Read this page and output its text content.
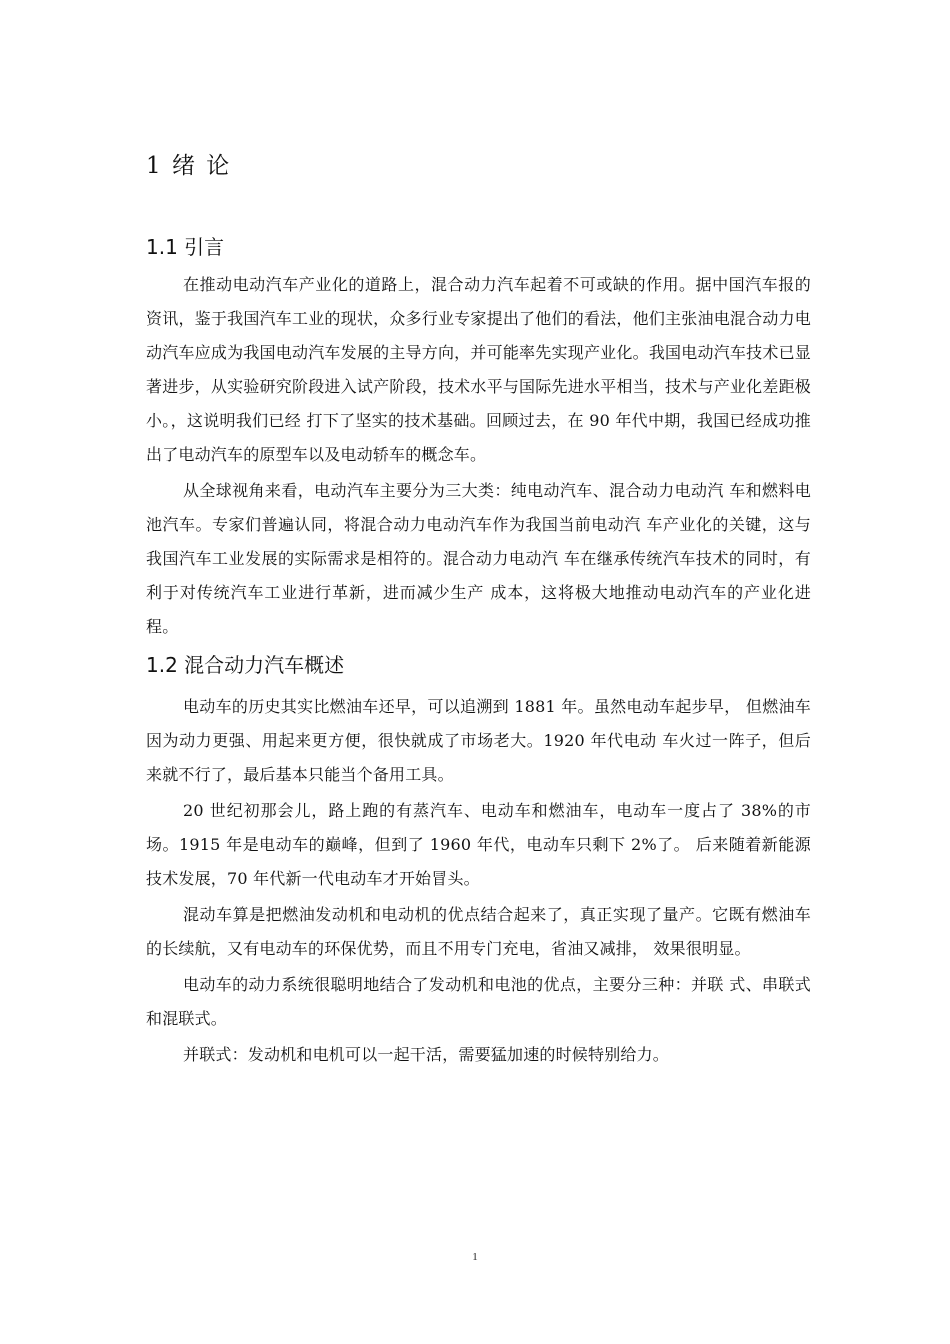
1 绪 论
1.1 引言

在推动电动汽车产业化的道路上，混合动力汽车起着不可或缺的作用。据中国汽车报的资讯，鉴于我国汽车工业的现状，众多行业专家提出了他们的看法，他们主张油电混合动力电动汽车应成为我国电动汽车发展的主导方向，并可能率先实现产业化。我国电动汽车技术已显著进步，从实验研究阶段进入试产阶段，技术水平与国际先进水平相当，技术与产业化差距极小。，这说明我们已经 打下了坚实的技术基础。回顾过去，在 90 年代中期，我国已经成功推出了电动汽车的原型车以及电动轿车的概念车。

从全球视角来看，电动汽车主要分为三大类：纯电动汽车、混合动力电动汽 车和燃料电池汽车。专家们普遍认同，将混合动力电动汽车作为我国当前电动汽 车产业化的关键，这与我国汽车工业发展的实际需求是相符的。混合动力电动汽 车在继承传统汽车技术的同时，有利于对传统汽车工业进行革新，进而减少生产 成本，这将极大地推动电动汽车的产业化进程。

1.2 混合动力汽车概述

电动车的历史其实比燃油车还早，可以追溯到 1881 年。虽然电动车起步早， 但燃油车因为动力更强、用起来更方便，很快就成了市场老大。1920 年代电动 车火过一阵子，但后来就不行了，最后基本只能当个备用工具。

20 世纪初那会儿，路上跑的有蒸汽车、电动车和燃油车，电动车一度占了 38%的市场。1915 年是电动车的巅峰，但到了 1960 年代，电动车只剩下 2%了。 后来随着新能源技术发展，70 年代新一代电动车才开始冒头。

混动车算是把燃油发动机和电动机的优点结合起来了，真正实现了量产。它既有燃油车的长续航，又有电动车的环保优势，而且不用专门充电，省油又减排， 效果很明显。

电动车的动力系统很聪明地结合了发动机和电池的优点，主要分三种：并联 式、串联式和混联式。

并联式：发动机和电机可以一起干活，需要猛加速的时候特别给力。

1
